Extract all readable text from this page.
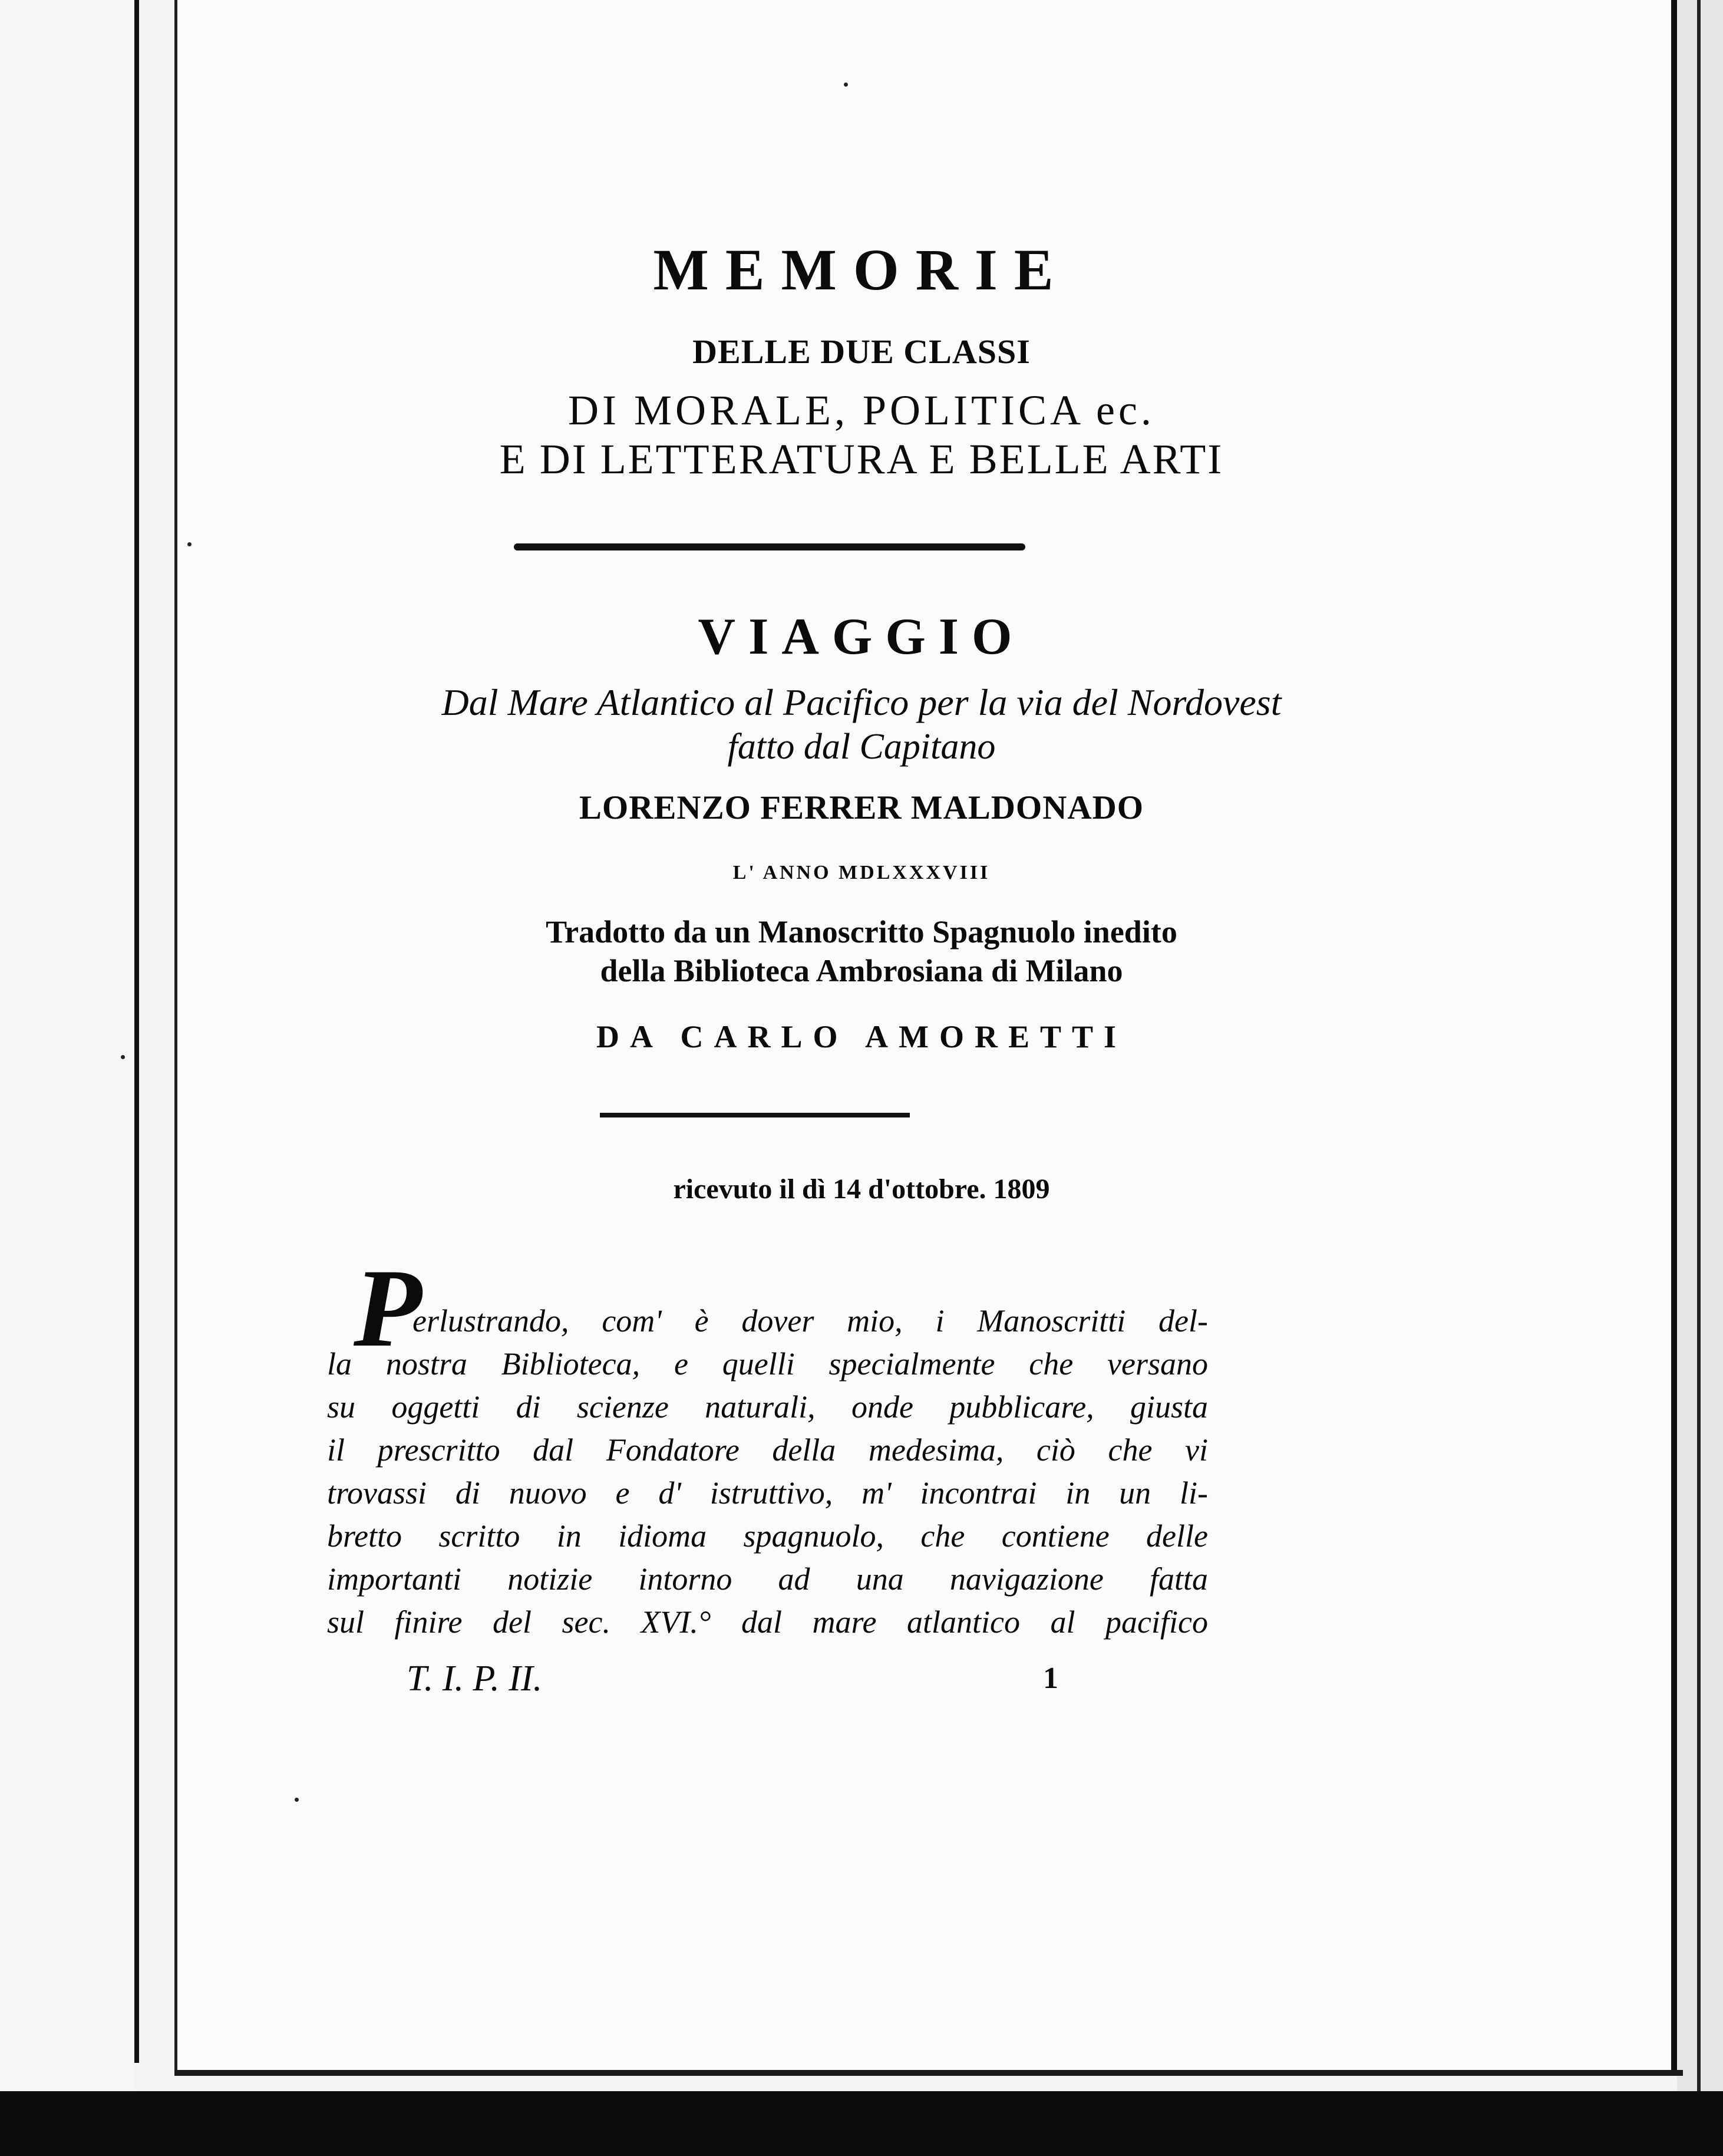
MEMORIE
DELLE DUE CLASSI
DI MORALE, POLITICA ec.
E DI LETTERATURA E BELLE ARTI
VIAGGIO
Dal Mare Atlantico al Pacifico per la via del Nordovest
fatto dal Capitano
LORENZO FERRER MALDONADO
L' ANNO MDLXXXVIII
Tradotto da un Manoscritto Spagnuolo inedito
della Biblioteca Ambrosiana di Milano
DA CARLO AMORETTI
ricevuto il dì 14 d'ottobre. 1809
P
erlustrando, com' è dover mio, i Manoscritti del-
la nostra Biblioteca, e quelli specialmente che versano
su oggetti di scienze naturali, onde pubblicare, giusta
il prescritto dal Fondatore della medesima, ciò che vi
trovassi di nuovo e d' istruttivo, m' incontrai in un li-
bretto scritto in idioma spagnuolo, che contiene delle
importanti notizie intorno ad una navigazione fatta
sul finire del sec. XVI.° dal mare atlantico al pacifico
T. I. P. II.	1
